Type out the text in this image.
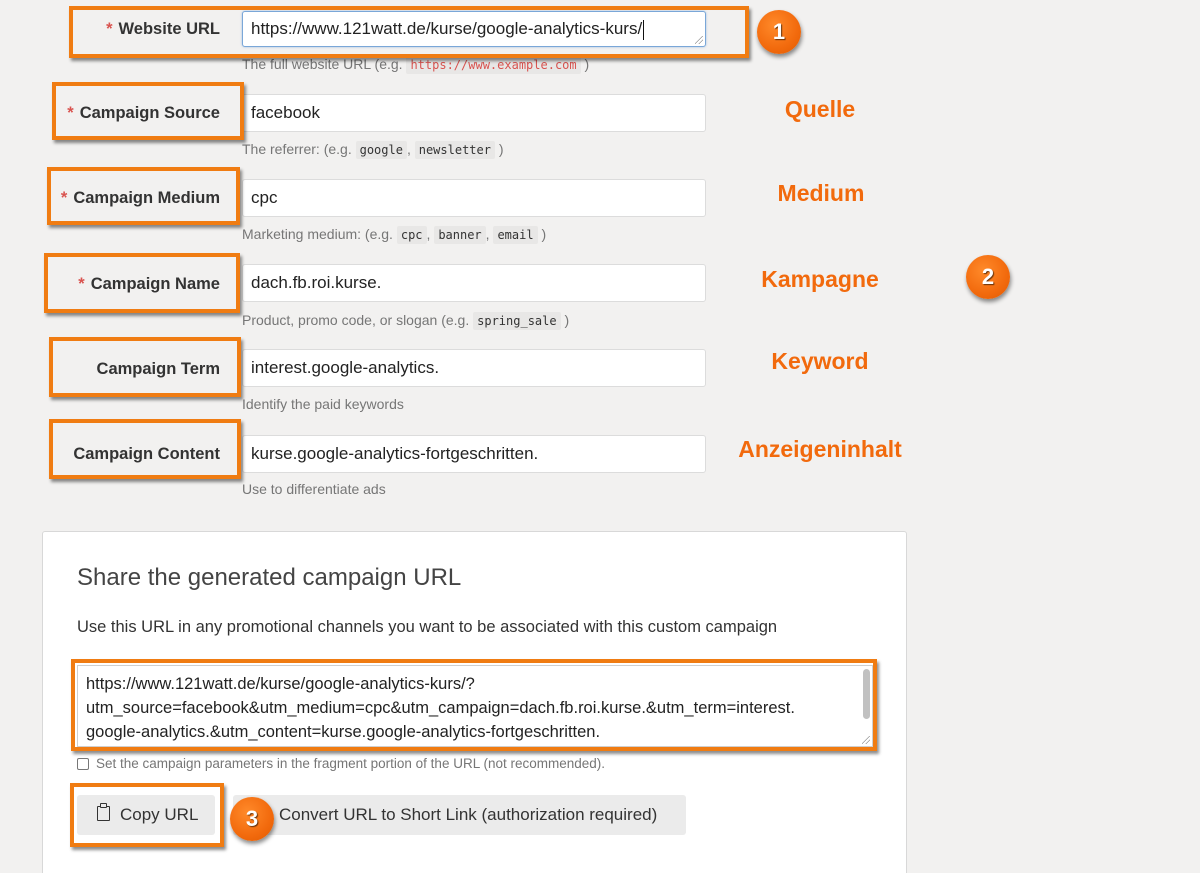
* Website URL	https://www.121watt.de/kurse/google-analytics-kurs/
The full website URL (e.g. https://www.example.com )
1
* Campaign Source	facebook
The referrer: (e.g. google , newsletter )
Quelle
* Campaign Medium	cpc
Marketing medium: (e.g. cpc , banner , email )
Medium
* Campaign Name	dach.fb.roi.kurse.
Product, promo code, or slogan (e.g. spring_sale )
Kampagne	2
Campaign Term	interest.google-analytics.
Identify the paid keywords
Keyword
Campaign Content	kurse.google-analytics-fortgeschritten.
Use to differentiate ads
Anzeigeninhalt
Share the generated campaign URL
Use this URL in any promotional channels you want to be associated with this custom campaign
https://www.121watt.de/kurse/google-analytics-kurs/?
utm_source=facebook&utm_medium=cpc&utm_campaign=dach.fb.roi.kurse.&utm_term=interest.
google-analytics.&utm_content=kurse.google-analytics-fortgeschritten.
Set the campaign parameters in the fragment portion of the URL (not recommended).
Copy URL	Convert URL to Short Link (authorization required)
3
